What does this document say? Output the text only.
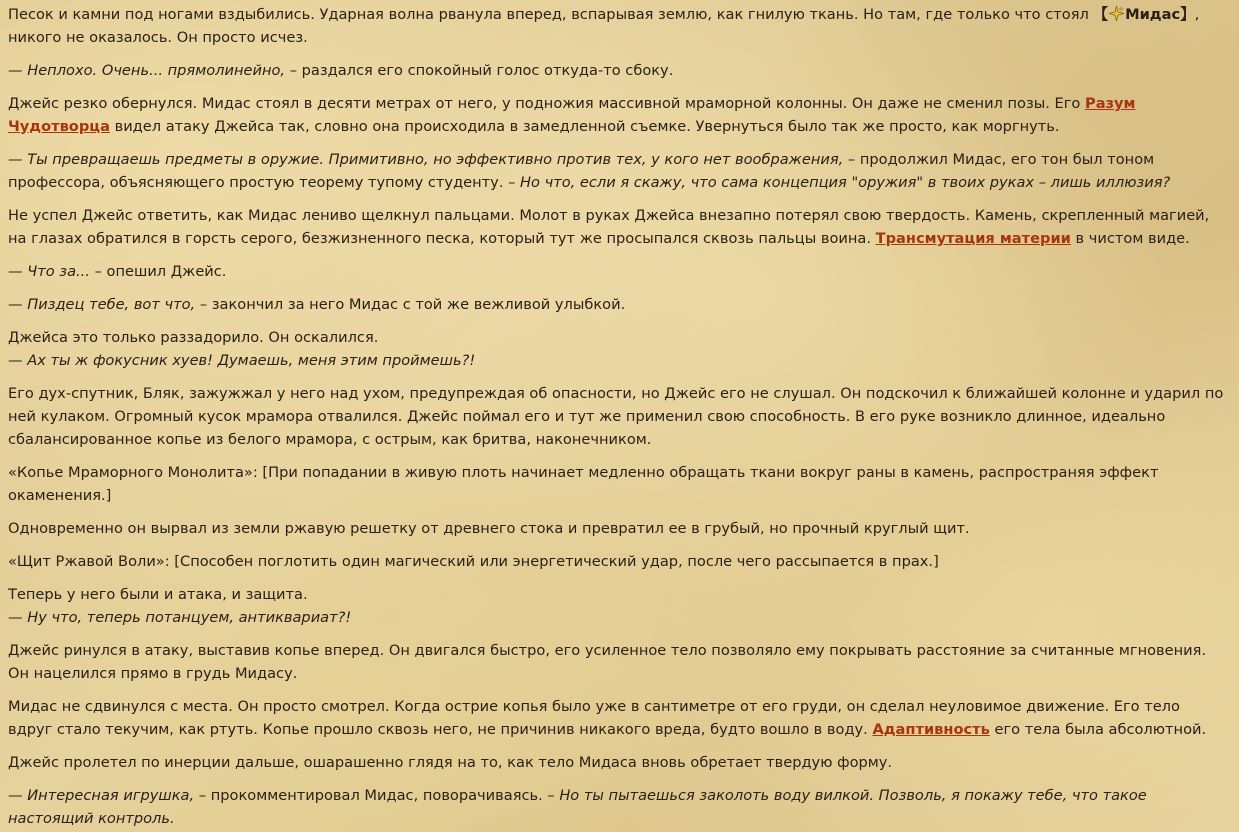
Песок и камни под ногами вздыбились. Ударная волна рванула вперед, вспарывая землю, как гнилую ткань. Но там, где только что стоял 【 Мидас】, никого не оказалось. Он просто исчез.

— Неплохо. Очень... прямолинейно, – раздался его спокойный голос откуда-то сбоку.

Джейс резко обернулся. Мидас стоял в десяти метрах от него, у подножия массивной мраморной колонны. Он даже не сменил позы. Его Разум Чудотворца видел атаку Джейса так, словно она происходила в замедленной съемке. Увернуться было так же просто, как моргнуть.

— Ты превращаешь предметы в оружие. Примитивно, но эффективно против тех, у кого нет воображения, – продолжил Мидас, его тон был тоном профессора, объясняющего простую теорему тупому студенту. – Но что, если я скажу, что сама концепция "оружия" в твоих руках – лишь иллюзия?

Не успел Джейс ответить, как Мидас лениво щелкнул пальцами. Молот в руках Джейса внезапно потерял свою твердость. Камень, скрепленный магией, на глазах обратился в горсть серого, безжизненного песка, который тут же просыпался сквозь пальцы воина. Трансмутация материи в чистом виде.

— Что за... – опешил Джейс.

— Пиздец тебе, вот что, – закончил за него Мидас с той же вежливой улыбкой.

Джейса это только раззадорило. Он оскалился.
— Ах ты ж фокусник хуев! Думаешь, меня этим проймешь?!

Его дух-спутник, Бляк, зажужжал у него над ухом, предупреждая об опасности, но Джейс его не слушал. Он подскочил к ближайшей колонне и ударил по ней кулаком. Огромный кусок мрамора отвалился. Джейс поймал его и тут же применил свою способность. В его руке возникло длинное, идеально сбалансированное копье из белого мрамора, с острым, как бритва, наконечником.

«Копье Мраморного Монолита»: [При попадании в живую плоть начинает медленно обращать ткани вокруг раны в камень, распространяя эффект окаменения.]

Одновременно он вырвал из земли ржавую решетку от древнего стока и превратил ее в грубый, но прочный круглый щит.

«Щит Ржавой Воли»: [Способен поглотить один магический или энергетический удар, после чего рассыпается в прах.]

Теперь у него были и атака, и защита.
— Ну что, теперь потанцуем, антиквариат?!

Джейс ринулся в атаку, выставив копье вперед. Он двигался быстро, его усиленное тело позволяло ему покрывать расстояние за считанные мгновения. Он нацелился прямо в грудь Мидасу.

Мидас не сдвинулся с места. Он просто смотрел. Когда острие копья было уже в сантиметре от его груди, он сделал неуловимое движение. Его тело вдруг стало текучим, как ртуть. Копье прошло сквозь него, не причинив никакого вреда, будто вошло в воду. Адаптивность его тела была абсолютной.

Джейс пролетел по инерции дальше, ошарашенно глядя на то, как тело Мидаса вновь обретает твердую форму.

— Интересная игрушка, – прокомментировал Мидас, поворачиваясь. – Но ты пытаешься заколоть воду вилкой. Позволь, я покажу тебе, что такое настоящий контроль.
